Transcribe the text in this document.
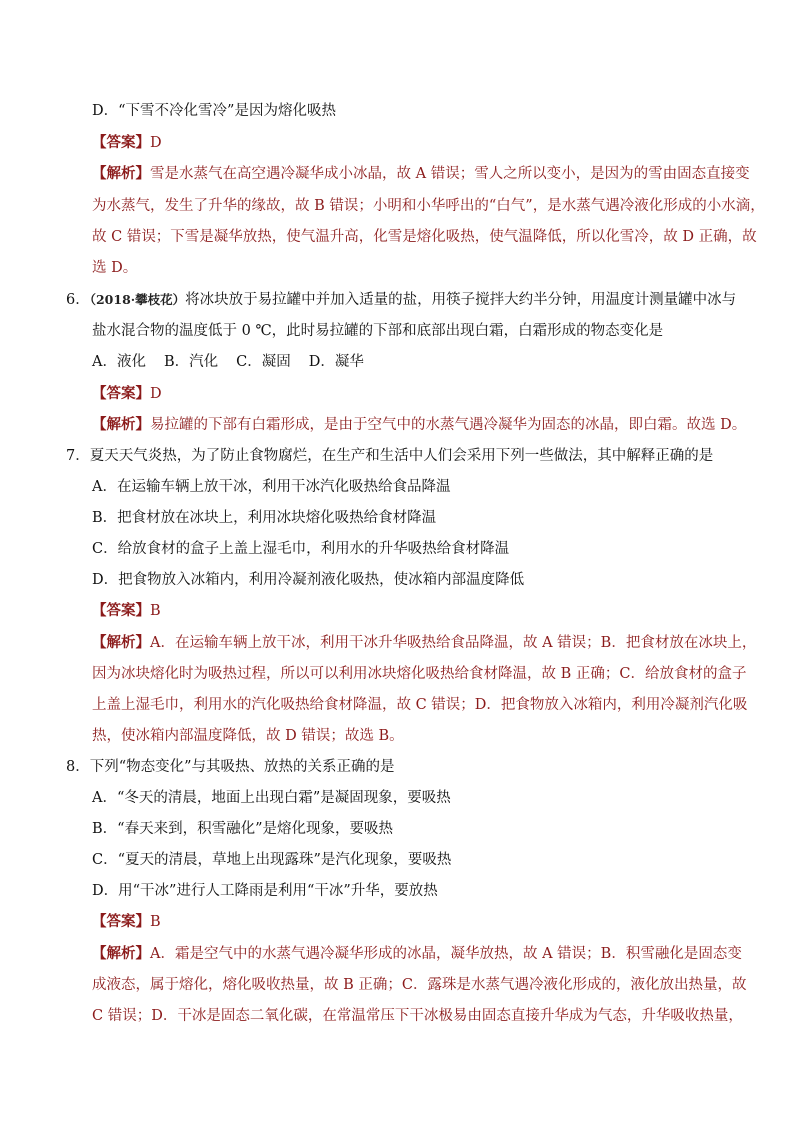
D．“下雪不冷化雪冷”是因为熔化吸热
【答案】D
【解析】雪是水蒸气在高空遇冷凝华成小冰晶，故 A 错误；雪人之所以变小，是因为的雪由固态直接变
为水蒸气，发生了升华的缘故，故 B 错误；小明和小华呼出的“白气”，是水蒸气遇冷液化形成的小水滴，
故 C 错误；下雪是凝华放热，使气温升高，化雪是熔化吸热，使气温降低，所以化雪冷，故 D 正确，故
选 D。
6．（2018·攀枝花）将冰块放于易拉罐中并加入适量的盐，用筷子搅拌大约半分钟，用温度计测量罐中冰与
盐水混合物的温度低于 0 ℃，此时易拉罐的下部和底部出现白霜，白霜形成的物态变化是
A．液化 B．汽化 C．凝固 D．凝华
【答案】D
【解析】易拉罐的下部有白霜形成，是由于空气中的水蒸气遇冷凝华为固态的冰晶，即白霜。故选 D。
7．夏天天气炎热，为了防止食物腐烂，在生产和生活中人们会采用下列一些做法，其中解释正确的是
A．在运输车辆上放干冰，利用干冰汽化吸热给食品降温
B．把食材放在冰块上，利用冰块熔化吸热给食材降温
C．给放食材的盒子上盖上湿毛巾，利用水的升华吸热给食材降温
D．把食物放入冰箱内，利用冷凝剂液化吸热，使冰箱内部温度降低
【答案】B
【解析】A．在运输车辆上放干冰，利用干冰升华吸热给食品降温，故 A 错误；B．把食材放在冰块上，
因为冰块熔化时为吸热过程，所以可以利用冰块熔化吸热给食材降温，故 B 正确；C．给放食材的盒子
上盖上湿毛巾，利用水的汽化吸热给食材降温，故 C 错误；D．把食物放入冰箱内，利用冷凝剂汽化吸
热，使冰箱内部温度降低，故 D 错误；故选 B。
8．下列“物态变化”与其吸热、放热的关系正确的是
A．“冬天的清晨，地面上出现白霜”是凝固现象，要吸热
B．“春天来到，积雪融化”是熔化现象，要吸热
C．“夏天的清晨，草地上出现露珠”是汽化现象，要吸热
D．用“干冰”进行人工降雨是利用“干冰”升华，要放热
【答案】B
【解析】A．霜是空气中的水蒸气遇冷凝华形成的冰晶，凝华放热，故 A 错误；B．积雪融化是固态变
成液态，属于熔化，熔化吸收热量，故 B 正确；C．露珠是水蒸气遇冷液化形成的，液化放出热量，故
C 错误；D．干冰是固态二氧化碳，在常温常压下干冰极易由固态直接升华成为气态，升华吸收热量，
